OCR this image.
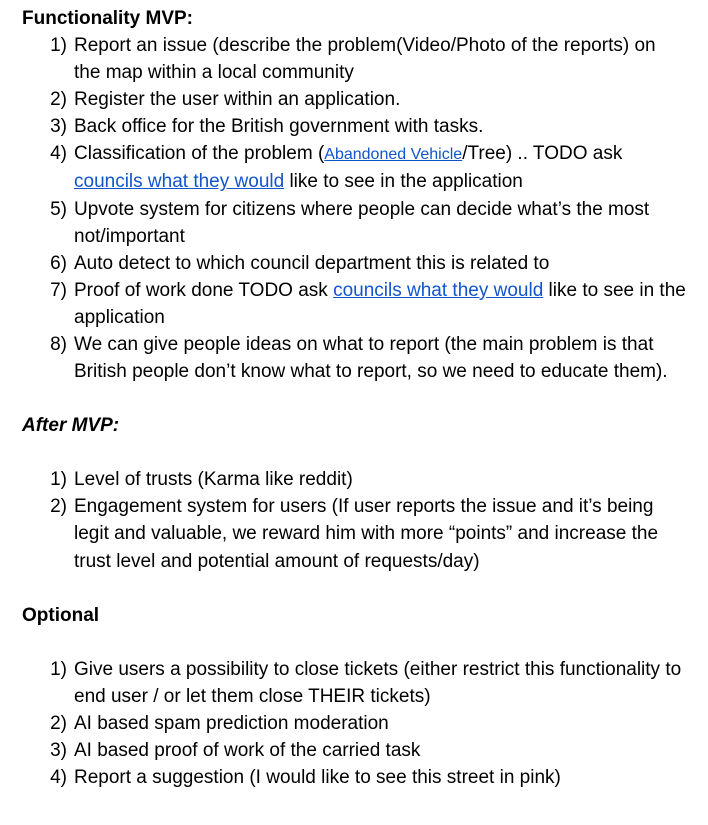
Functionality MVP:
1) Report an issue (describe the problem(Video/Photo of the reports) on the map within a local community
2) Register the user within an application.
3) Back office for the British government with tasks.
4) Classification of the problem (Abandoned Vehicle/Tree) .. TODO ask councils what they would like to see in the application
5) Upvote system for citizens where people can decide what’s the most not/important
6) Auto detect to which council department this is related to
7) Proof of work done TODO ask councils what they would like to see in the application
8) We can give people ideas on what to report (the main problem is that British people don’t know what to report, so we need to educate them).
After MVP:
1) Level of trusts (Karma like reddit)
2) Engagement system for users (If user reports the issue and it’s being legit and valuable, we reward him with more “points” and increase the trust level and potential amount of requests/day)
Optional
1) Give users a possibility to close tickets (either restrict this functionality to end user / or let them close THEIR tickets)
2) AI based spam prediction moderation
3) AI based proof of work of the carried task
4) Report a suggestion (I would like to see this street in pink)
